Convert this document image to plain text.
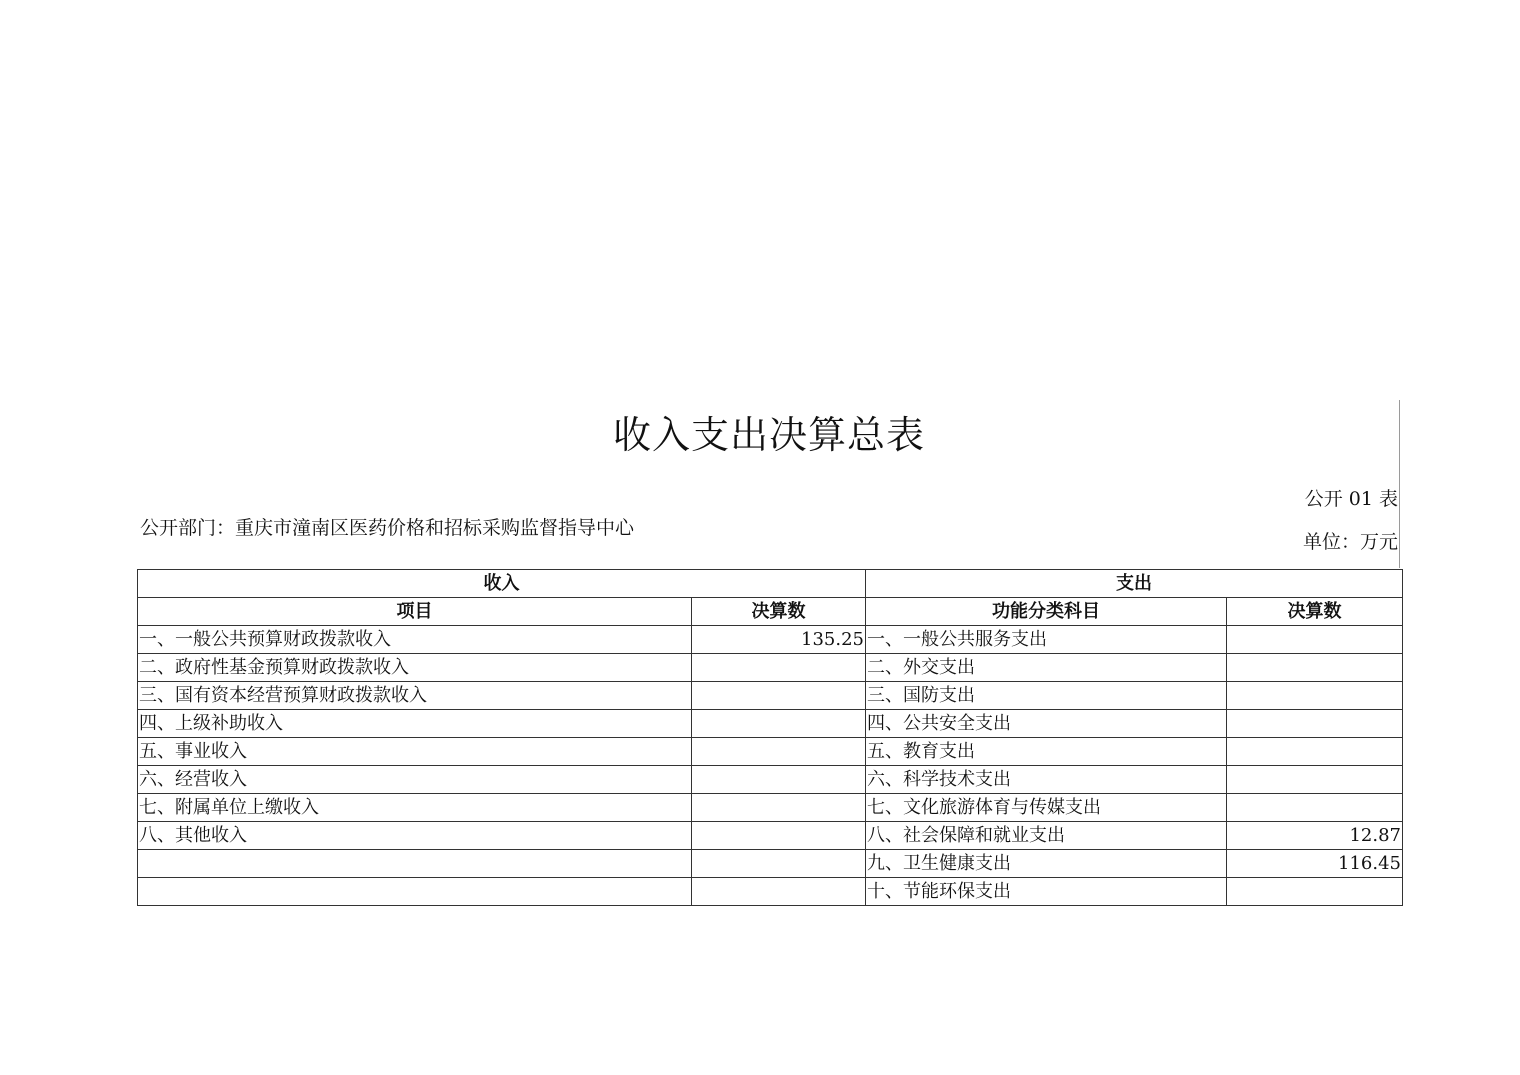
收入支出决算总表
公开 01 表
单位：万元
公开部门：重庆市潼南区医药价格和招标采购监督指导中心
收入		支出	
项目	决算数	功能分类科目	决算数
一、一般公共预算财政拨款收入	135.25	一、一般公共服务支出	
二、政府性基金预算财政拨款收入		二、外交支出	
三、国有资本经营预算财政拨款收入		三、国防支出	
四、上级补助收入		四、公共安全支出	
五、事业收入		五、教育支出	
六、经营收入		六、科学技术支出	
七、附属单位上缴收入		七、文化旅游体育与传媒支出	
八、其他收入		八、社会保障和就业支出	12.87
		九、卫生健康支出	116.45
		十、节能环保支出	
